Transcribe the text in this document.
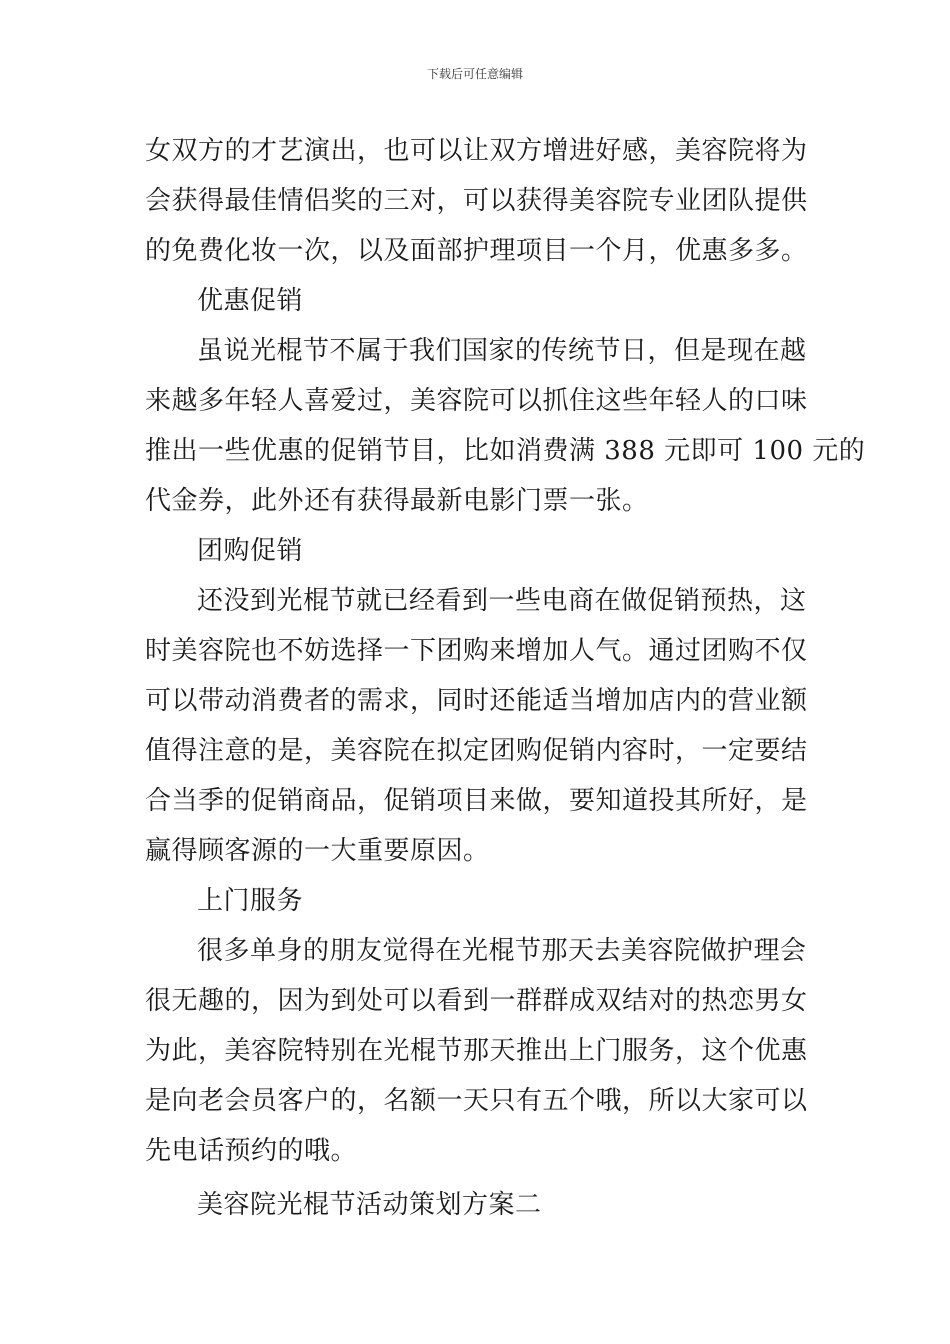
下载后可任意编辑
女双方的才艺演出，也可以让双方增进好感，美容院将为
会获得最佳情侣奖的三对，可以获得美容院专业团队提供
的免费化妆一次，以及面部护理项目一个月，优惠多多。
优惠促销
虽说光棍节不属于我们国家的传统节日，但是现在越
来越多年轻人喜爱过，美容院可以抓住这些年轻人的口味
推出一些优惠的促销节目，比如消费满 388 元即可 100 元的
代金券，此外还有获得最新电影门票一张。
团购促销
还没到光棍节就已经看到一些电商在做促销预热，这
时美容院也不妨选择一下团购来增加人气。通过团购不仅
可以带动消费者的需求，同时还能适当增加店内的营业额
值得注意的是，美容院在拟定团购促销内容时，一定要结
合当季的促销商品，促销项目来做，要知道投其所好，是
赢得顾客源的一大重要原因。
上门服务
很多单身的朋友觉得在光棍节那天去美容院做护理会
很无趣的，因为到处可以看到一群群成双结对的热恋男女
为此，美容院特别在光棍节那天推出上门服务，这个优惠
是向老会员客户的，名额一天只有五个哦，所以大家可以
先电话预约的哦。
美容院光棍节活动策划方案二
